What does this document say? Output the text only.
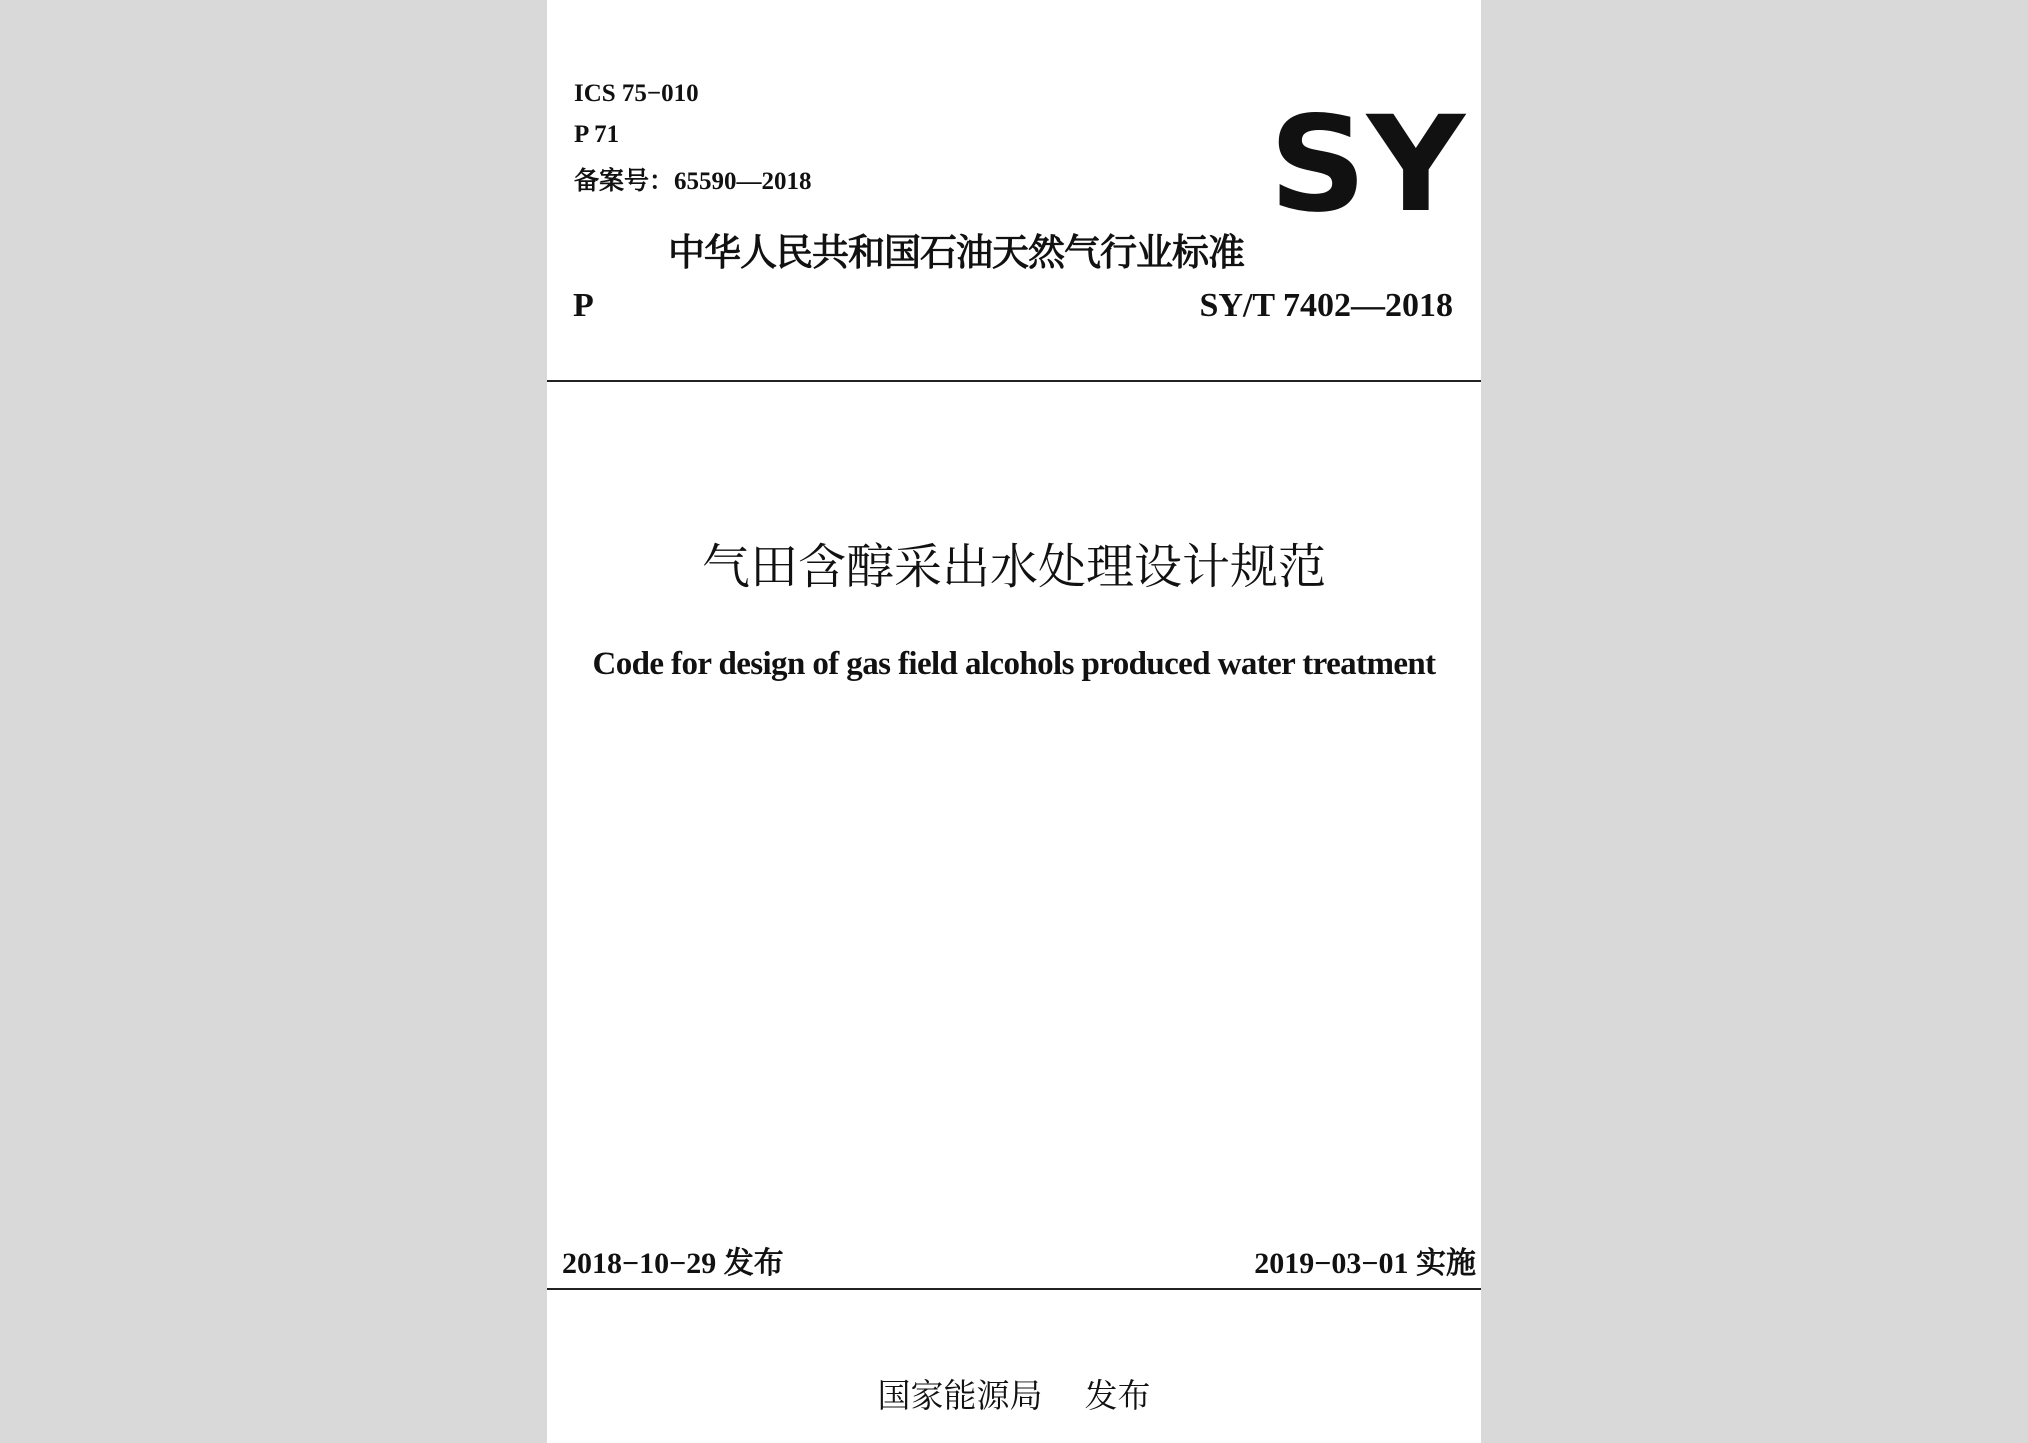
ICS 75−010
P 71
备案号：65590—2018	SY
中华人民共和国石油天然气行业标准
P	SY/T 7402—2018
气田含醇采出水处理设计规范
Code for design of gas field alcohols produced water treatment
2018−10−29 发布	2019−03−01 实施
国家能源局    发布
